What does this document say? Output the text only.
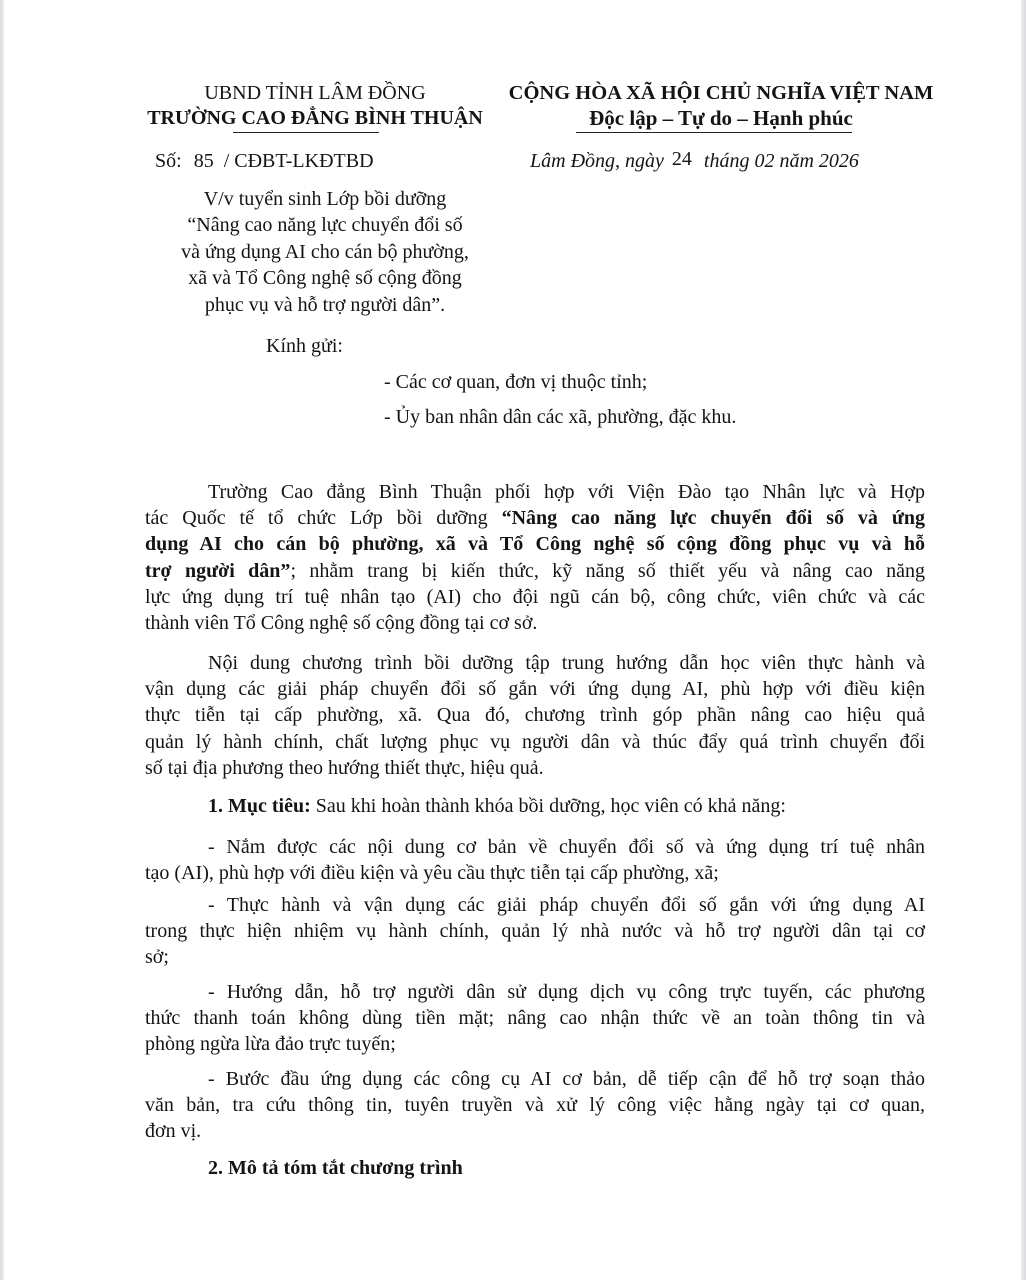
UBND TỈNH LÂM ĐỒNG
TRƯỜNG CAO ĐẲNG BÌNH THUẬN
CỘNG HÒA XÃ HỘI CHỦ NGHĨA VIỆT NAM
Độc lập – Tự do – Hạnh phúc
Số: 85 / CĐBT-LKĐTBD	Lâm Đồng, ngày 24 tháng 02 năm 2026
V/v tuyển sinh Lớp bồi dưỡng
“Nâng cao năng lực chuyển đổi số
và ứng dụng AI cho cán bộ phường,
xã và Tổ Công nghệ số cộng đồng
phục vụ và hỗ trợ người dân”.
Kính gửi:
- Các cơ quan, đơn vị thuộc tỉnh;
- Ủy ban nhân dân các xã, phường, đặc khu.
Trường Cao đẳng Bình Thuận phối hợp với Viện Đào tạo Nhân lực và Hợp
tác Quốc tế tổ chức Lớp bồi dưỡng “Nâng cao năng lực chuyển đổi số và ứng
dụng AI cho cán bộ phường, xã và Tổ Công nghệ số cộng đồng phục vụ và hỗ
trợ người dân”; nhằm trang bị kiến thức, kỹ năng số thiết yếu và nâng cao năng
lực ứng dụng trí tuệ nhân tạo (AI) cho đội ngũ cán bộ, công chức, viên chức và các
thành viên Tổ Công nghệ số cộng đồng tại cơ sở.
Nội dung chương trình bồi dưỡng tập trung hướng dẫn học viên thực hành và
vận dụng các giải pháp chuyển đổi số gắn với ứng dụng AI, phù hợp với điều kiện
thực tiễn tại cấp phường, xã. Qua đó, chương trình góp phần nâng cao hiệu quả
quản lý hành chính, chất lượng phục vụ người dân và thúc đẩy quá trình chuyển đổi
số tại địa phương theo hướng thiết thực, hiệu quả.
1. Mục tiêu: Sau khi hoàn thành khóa bồi dưỡng, học viên có khả năng:
- Nắm được các nội dung cơ bản về chuyển đổi số và ứng dụng trí tuệ nhân
tạo (AI), phù hợp với điều kiện và yêu cầu thực tiễn tại cấp phường, xã;
- Thực hành và vận dụng các giải pháp chuyển đổi số gắn với ứng dụng AI
trong thực hiện nhiệm vụ hành chính, quản lý nhà nước và hỗ trợ người dân tại cơ
sở;
- Hướng dẫn, hỗ trợ người dân sử dụng dịch vụ công trực tuyến, các phương
thức thanh toán không dùng tiền mặt; nâng cao nhận thức về an toàn thông tin và
phòng ngừa lừa đảo trực tuyến;
- Bước đầu ứng dụng các công cụ AI cơ bản, dễ tiếp cận để hỗ trợ soạn thảo
văn bản, tra cứu thông tin, tuyên truyền và xử lý công việc hằng ngày tại cơ quan,
đơn vị.
2. Mô tả tóm tắt chương trình
